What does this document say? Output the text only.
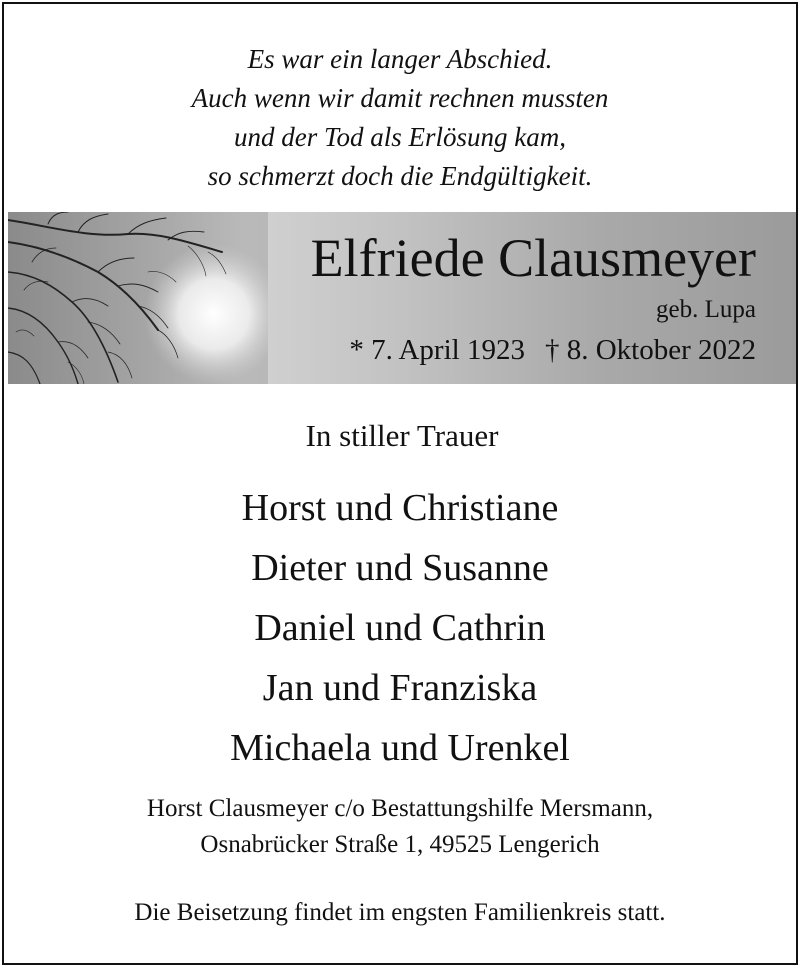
Es war ein langer Abschied.
Auch wenn wir damit rechnen mussten
und der Tod als Erlösung kam,
so schmerzt doch die Endgültigkeit.
Elfriede Clausmeyer
geb. Lupa
* 7. April 1923 † 8. Oktober 2022
In stiller Trauer
Horst und Christiane
Dieter und Susanne
Daniel und Cathrin
Jan und Franziska
Michaela und Urenkel
Horst Clausmeyer c/o Bestattungshilfe Mersmann,
Osnabrücker Straße 1, 49525 Lengerich
Die Beisetzung findet im engsten Familienkreis statt.
